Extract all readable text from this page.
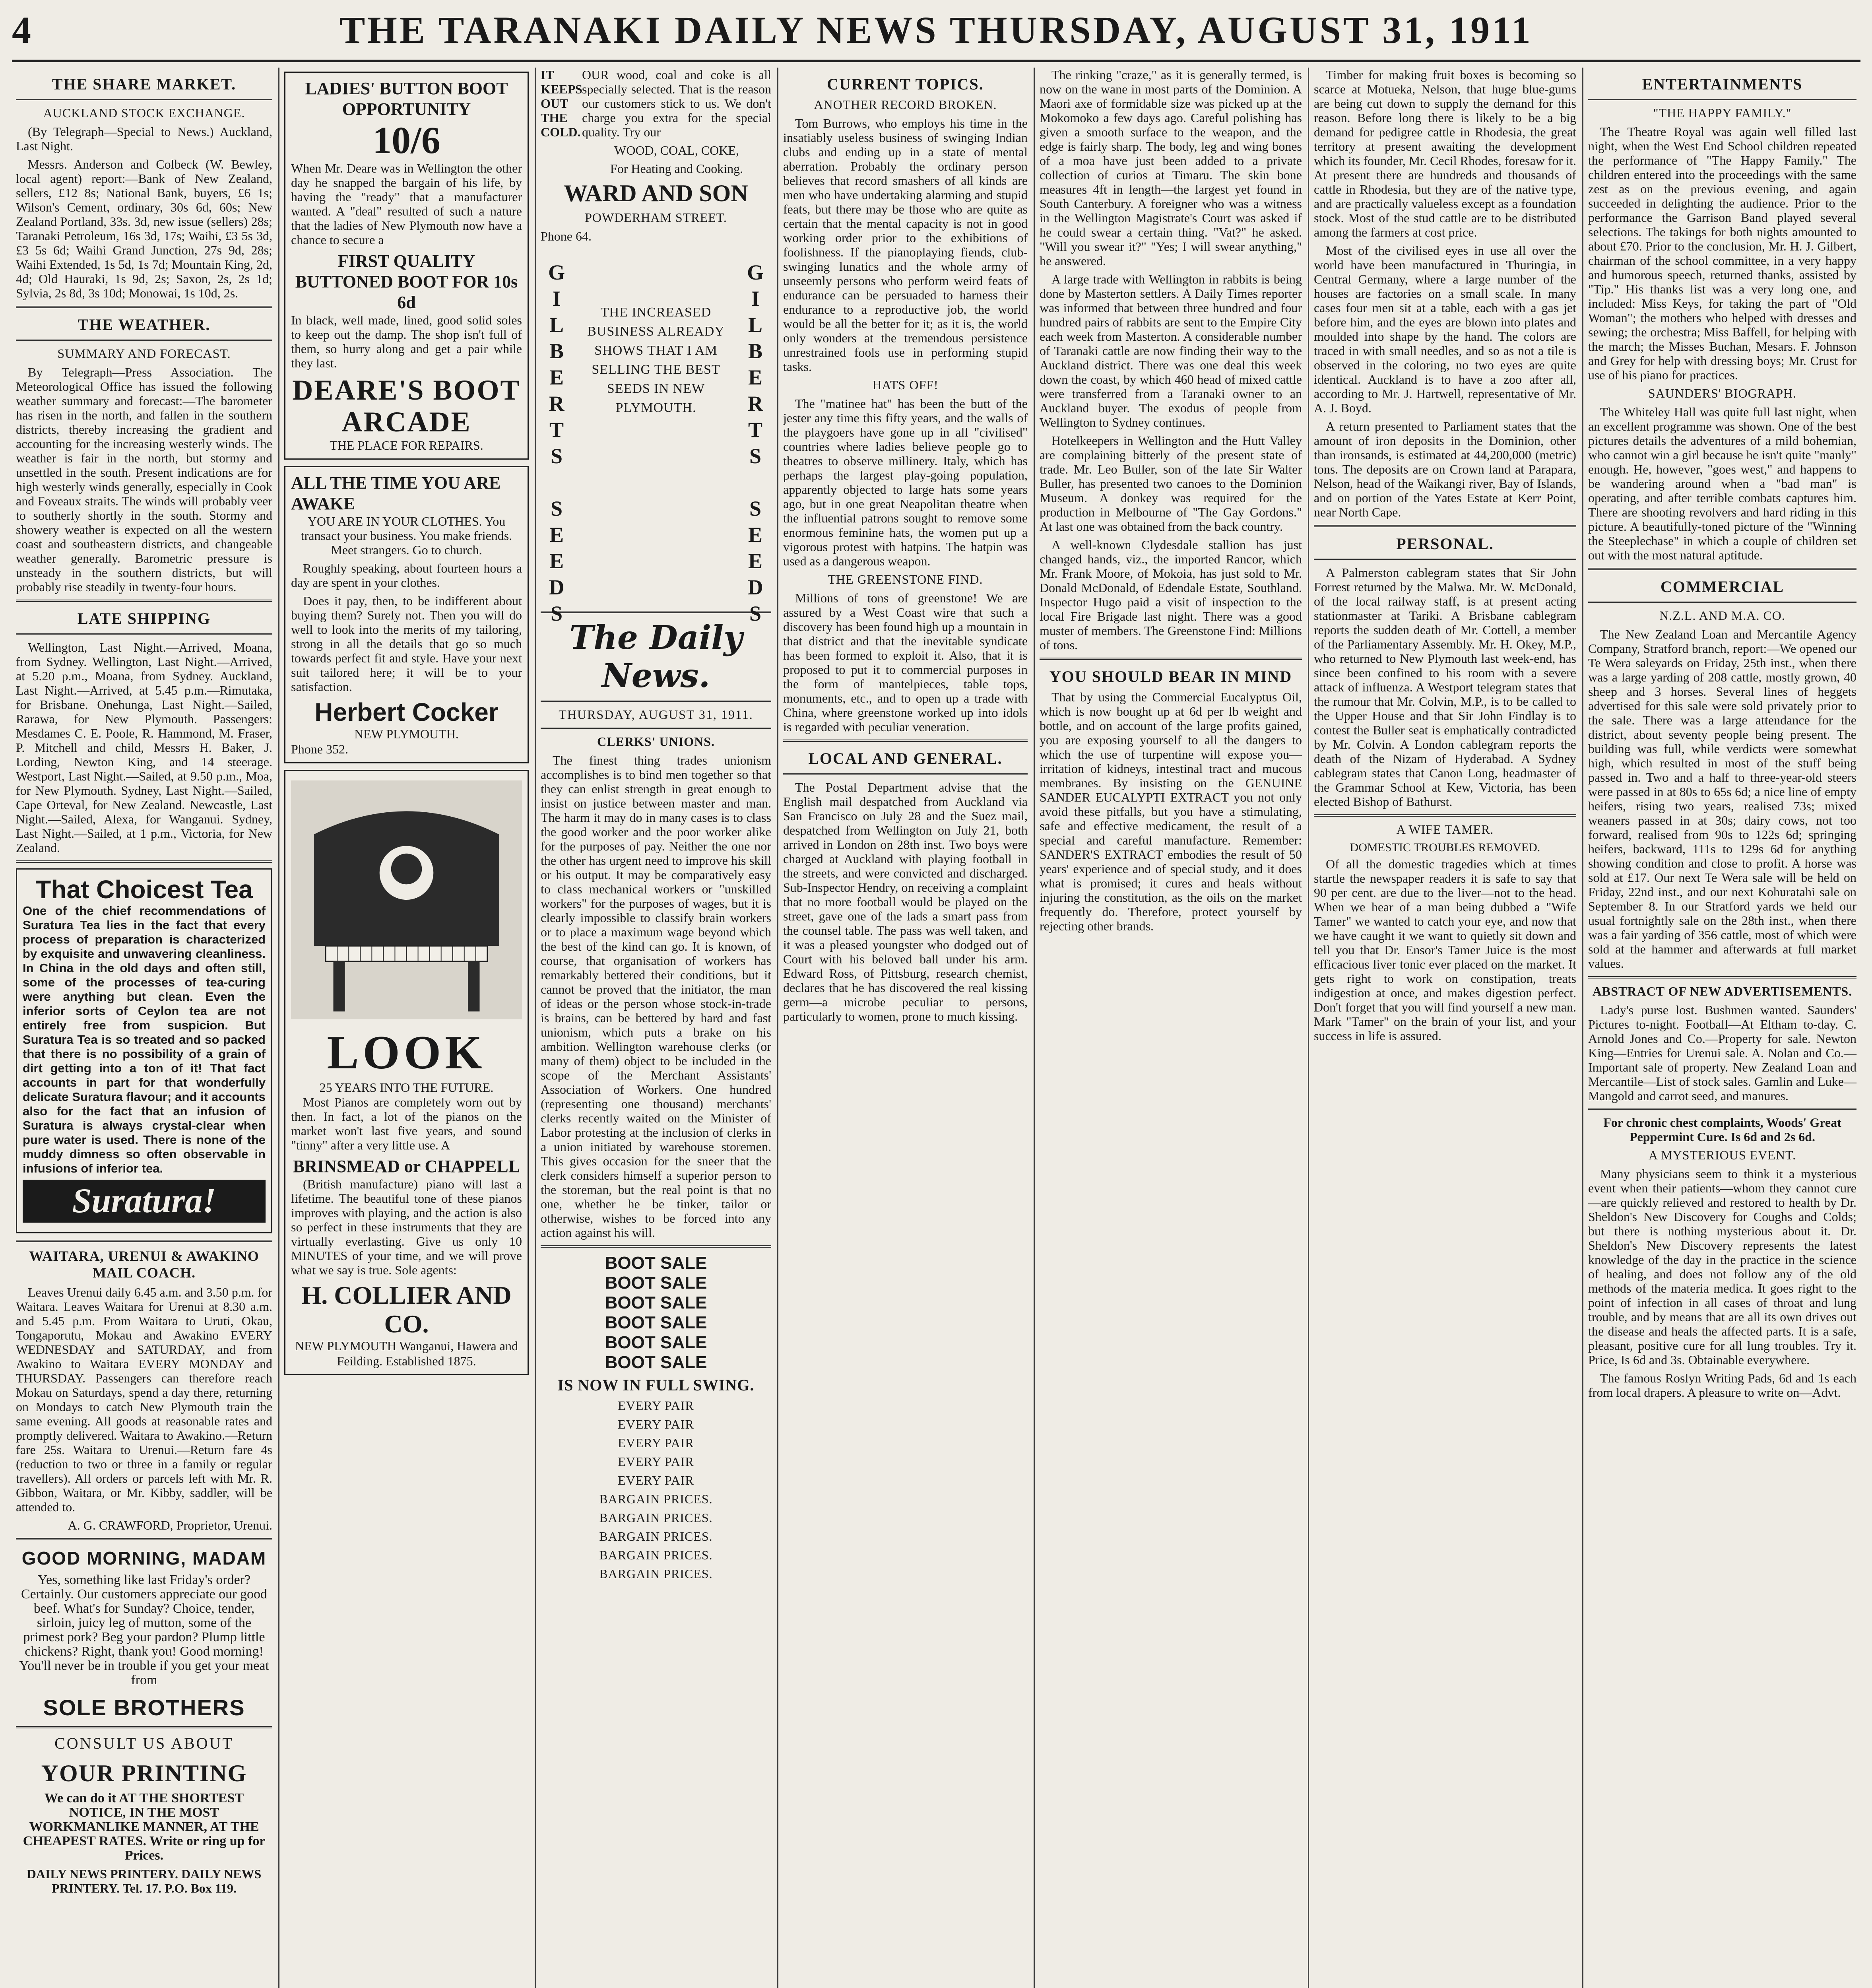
4	THE TARANAKI DAILY NEWS THURSDAY, AUGUST 31, 1911
THE SHARE MARKET.
AUCKLAND STOCK EXCHANGE.

(By Telegraph—Special to News.) Auckland, Last Night.

Messrs. Anderson and Colbeck (W. Bewley, local agent) report:—Bank of New Zealand, sellers, £12 8s; National Bank, buyers, £6 1s; Wilson's Cement, ordinary, 30s 6d, 60s; New Zealand Portland, 33s. 3d, new issue (sellers) 28s; Taranaki Petroleum, 16s 3d, 17s; Waihi, £3 5s 3d, £3 5s 6d; Waihi Grand Junction, 27s 9d, 28s; Waihi Extended, 1s 5d, 1s 7d; Mountain King, 2d, 4d; Old Hauraki, 1s 9d, 2s; Saxon, 2s, 2s 1d; Sylvia, 2s 8d, 3s 10d; Monowai, 1s 10d, 2s.

THE WEATHER.
SUMMARY AND FORECAST.

By Telegraph—Press Association. The Meteorological Office has issued the following weather summary and forecast:—The barometer has risen in the north, and fallen in the southern districts, thereby increasing the gradient and accounting for the increasing westerly winds. The weather is fair in the north, but stormy and unsettled in the south. Present indications are for high westerly winds generally, especially in Cook and Foveaux straits. The winds will probably veer to southerly shortly in the south. Stormy and showery weather is expected on all the western coast and southeastern districts, and changeable weather generally. Barometric pressure is unsteady in the southern districts, but will probably rise steadily in twenty-four hours.

LATE SHIPPING

Wellington, Last Night.—Arrived, Moana, from Sydney. Wellington, Last Night.—Arrived, at 5.20 p.m., Moana, from Sydney. Auckland, Last Night.—Arrived, at 5.45 p.m.—Rimutaka, for Brisbane. Onehunga, Last Night.—Sailed, Rarawa, for New Plymouth. Passengers: Mesdames C. E. Poole, R. Hammond, M. Fraser, P. Mitchell and child, Messrs H. Baker, J. Lording, Newton King, and 14 steerage. Westport, Last Night.—Sailed, at 9.50 p.m., Moa, for New Plymouth. Sydney, Last Night.—Sailed, Cape Orteval, for New Zealand. Newcastle, Last Night.—Sailed, Alexa, for Wanganui. Sydney, Last Night.—Sailed, at 1 p.m., Victoria, for New Zealand.

That Choicest Tea

One of the chief recommendations of Suratura Tea lies in the fact that every process of preparation is characterized by exquisite and unwavering cleanliness. In China in the old days and often still, some of the processes of tea-curing were anything but clean. Even the inferior sorts of Ceylon tea are not entirely free from suspicion. But Suratura Tea is so treated and so packed that there is no possibility of a grain of dirt getting into a ton of it! That fact accounts in part for that wonderfully delicate Suratura flavour; and it accounts also for the fact that an infusion of Suratura is always crystal-clear when pure water is used. There is none of the muddy dimness so often observable in infusions of inferior tea.

Suratura!
WAITARA, URENUI & AWAKINO MAIL COACH.

Leaves Urenui daily 6.45 a.m. and 3.50 p.m. for Waitara. Leaves Waitara for Urenui at 8.30 a.m. and 5.45 p.m. From Waitara to Uruti, Okau, Tongaporutu, Mokau and Awakino EVERY WEDNESDAY and SATURDAY, and from Awakino to Waitara EVERY MONDAY and THURSDAY. Passengers can therefore reach Mokau on Saturdays, spend a day there, returning on Mondays to catch New Plymouth train the same evening. All goods at reasonable rates and promptly delivered. Waitara to Awakino.—Return fare 25s. Waitara to Urenui.—Return fare 4s (reduction to two or three in a family or regular travellers). All orders or parcels left with Mr. R. Gibbon, Waitara, or Mr. Kibby, saddler, will be attended to.

A. G. CRAWFORD, Proprietor, Urenui.

GOOD MORNING, MADAM

Yes, something like last Friday's order? Certainly. Our customers appreciate our good beef. What's for Sunday? Choice, tender, sirloin, juicy leg of mutton, some of the primest pork? Beg your pardon? Plump little chickens? Right, thank you! Good morning! You'll never be in trouble if you get your meat from

SOLE BROTHERS
CONSULT US ABOUT
YOUR PRINTING

We can do it AT THE SHORTEST NOTICE, IN THE MOST WORKMANLIKE MANNER, AT THE CHEAPEST RATES. Write or ring up for Prices.

DAILY NEWS PRINTERY. DAILY NEWS PRINTERY. Tel. 17. P.O. Box 119.

LADIES' BUTTON BOOT OPPORTUNITY
10/6

When Mr. Deare was in Wellington the other day he snapped the bargain of his life, by having the "ready" that a manufacturer wanted. A "deal" resulted of such a nature that the ladies of New Plymouth now have a chance to secure a

FIRST QUALITY BUTTONED BOOT FOR 10s 6d

In black, well made, lined, good solid soles to keep out the damp. The shop isn't full of them, so hurry along and get a pair while they last.

DEARE'S BOOT ARCADE
THE PLACE FOR REPAIRS.
ALL THE TIME YOU ARE AWAKE

YOU ARE IN YOUR CLOTHES. You transact your business. You make friends. Meet strangers. Go to church.

Roughly speaking, about fourteen hours a day are spent in your clothes.

Does it pay, then, to be indifferent about buying them? Surely not. Then you will do well to look into the merits of my tailoring, strong in all the details that go so much towards perfect fit and style. Have your next suit tailored here; it will be to your satisfaction.

Herbert Cocker
NEW PLYMOUTH.
Phone 352.
LOOK
25 YEARS INTO THE FUTURE.

Most Pianos are completely worn out by then. In fact, a lot of the pianos on the market won't last five years, and sound "tinny" after a very little use. A

BRINSMEAD or CHAPPELL

(British manufacture) piano will last a lifetime. The beautiful tone of these pianos improves with playing, and the action is also so perfect in these instruments that they are virtually everlasting. Give us only 10 MINUTES of your time, and we will prove what we say is true. Sole agents:

H. COLLIER AND CO.
NEW PLYMOUTH Wanganui, Hawera and Feilding. Established 1875.
IT KEEPS OUT THE COLD.

OUR wood, coal and coke is all specially selected. That is the reason our customers stick to us. We don't charge you extra for the special quality. Try our

WOOD, COAL, COKE,

For Heating and Cooking.

WARD AND SON
POWDERHAM STREET.

Phone 64.

G
I
L
B
E
R
T
S

S
E
E
D
S
G
I
L
B
E
R
T
S

S
E
E
D
S
THE INCREASED BUSINESS ALREADY SHOWS THAT I AM SELLING THE BEST SEEDS IN NEW PLYMOUTH.
The Daily News.
THURSDAY, AUGUST 31, 1911.
CLERKS' UNIONS.

The finest thing trades unionism accomplishes is to bind men together so that they can enlist strength in great enough to insist on justice between master and man. The harm it may do in many cases is to class the good worker and the poor worker alike for the purposes of pay. Neither the one nor the other has urgent need to improve his skill or his output. It may be comparatively easy to class mechanical workers or "unskilled workers" for the purposes of wages, but it is clearly impossible to classify brain workers or to place a maximum wage beyond which the best of the kind can go. It is known, of course, that organisation of workers has remarkably bettered their conditions, but it cannot be proved that the initiator, the man of ideas or the person whose stock-in-trade is brains, can be bettered by hard and fast unionism, which puts a brake on his ambition. Wellington warehouse clerks (or many of them) object to be included in the scope of the Merchant Assistants' Association of Workers. One hundred (representing one thousand) merchants' clerks recently waited on the Minister of Labor protesting at the inclusion of clerks in a union initiated by warehouse storemen. This gives occasion for the sneer that the clerk considers himself a superior person to the storeman, but the real point is that no one, whether he be tinker, tailor or otherwise, wishes to be forced into any action against his will.

BOOT SALE
BOOT SALE
BOOT SALE
BOOT SALE
BOOT SALE
BOOT SALE
IS NOW IN FULL SWING.
EVERY PAIR
EVERY PAIR
EVERY PAIR
EVERY PAIR
EVERY PAIR
BARGAIN PRICES.
BARGAIN PRICES.
BARGAIN PRICES.
BARGAIN PRICES.
BARGAIN PRICES.
CURRENT TOPICS.
ANOTHER RECORD BROKEN.

Tom Burrows, who employs his time in the insatiably useless business of swinging Indian clubs and ending up in a state of mental aberration. Probably the ordinary person believes that record smashers of all kinds are men who have undertaking alarming and stupid feats, but there may be those who are quite as certain that the mental capacity is not in good working order prior to the exhibitions of foolishness. If the pianoplaying fiends, club-swinging lunatics and the whole army of unseemly persons who perform weird feats of endurance can be persuaded to harness their endurance to a reproductive job, the world would be all the better for it; as it is, the world only wonders at the tremendous persistence unrestrained fools use in performing stupid tasks.

HATS OFF!

The "matinee hat" has been the butt of the jester any time this fifty years, and the walls of the playgoers have gone up in all "civilised" countries where ladies believe people go to theatres to observe millinery. Italy, which has perhaps the largest play-going population, apparently objected to large hats some years ago, but in one great Neapolitan theatre when the influential patrons sought to remove some enormous feminine hats, the women put up a vigorous protest with hatpins. The hatpin was used as a dangerous weapon.

THE GREENSTONE FIND.

Millions of tons of greenstone! We are assured by a West Coast wire that such a discovery has been found high up a mountain in that district and that the inevitable syndicate has been formed to exploit it. Also, that it is proposed to put it to commercial purposes in the form of mantelpieces, table tops, monuments, etc., and to open up a trade with China, where greenstone worked up into idols is regarded with peculiar veneration.

LOCAL AND GENERAL.

The Postal Department advise that the English mail despatched from Auckland via San Francisco on July 28 and the Suez mail, despatched from Wellington on July 21, both arrived in London on 28th inst. Two boys were charged at Auckland with playing football in the streets, and were convicted and discharged. Sub-Inspector Hendry, on receiving a complaint that no more football would be played on the street, gave one of the lads a smart pass from the counsel table. The pass was well taken, and it was a pleased youngster who dodged out of Court with his beloved ball under his arm. Edward Ross, of Pittsburg, research chemist, declares that he has discovered the real kissing germ—a microbe peculiar to persons, particularly to women, prone to much kissing.

The rinking "craze," as it is generally termed, is now on the wane in most parts of the Dominion. A Maori axe of formidable size was picked up at the Mokomoko a few days ago. Careful polishing has given a smooth surface to the weapon, and the edge is fairly sharp. The body, leg and wing bones of a moa have just been added to a private collection of curios at Timaru. The skin bone measures 4ft in length—the largest yet found in South Canterbury. A foreigner who was a witness in the Wellington Magistrate's Court was asked if he could swear a certain thing. "Vat?" he asked. "Will you swear it?" "Yes; I will swear anything," he answered.

A large trade with Wellington in rabbits is being done by Masterton settlers. A Daily Times reporter was informed that between three hundred and four hundred pairs of rabbits are sent to the Empire City each week from Masterton. A considerable number of Taranaki cattle are now finding their way to the Auckland district. There was one deal this week down the coast, by which 460 head of mixed cattle were transferred from a Taranaki owner to an Auckland buyer. The exodus of people from Wellington to Sydney continues.

Hotelkeepers in Wellington and the Hutt Valley are complaining bitterly of the present state of trade. Mr. Leo Buller, son of the late Sir Walter Buller, has presented two canoes to the Dominion Museum. A donkey was required for the production in Melbourne of "The Gay Gordons." At last one was obtained from the back country.

A well-known Clydesdale stallion has just changed hands, viz., the imported Rancor, which Mr. Frank Moore, of Mokoia, has just sold to Mr. Donald McDonald, of Edendale Estate, Southland. Inspector Hugo paid a visit of inspection to the local Fire Brigade last night. There was a good muster of members. The Greenstone Find: Millions of tons.

YOU SHOULD BEAR IN MIND

That by using the Commercial Eucalyptus Oil, which is now bought up at 6d per lb weight and bottle, and on account of the large profits gained, you are exposing yourself to all the dangers to which the use of turpentine will expose you—irritation of kidneys, intestinal tract and mucous membranes. By insisting on the GENUINE SANDER EUCALYPTI EXTRACT you not only avoid these pitfalls, but you have a stimulating, safe and effective medicament, the result of a special and careful manufacture. Remember: SANDER'S EXTRACT embodies the result of 50 years' experience and of special study, and it does what is promised; it cures and heals without injuring the constitution, as the oils on the market frequently do. Therefore, protect yourself by rejecting other brands.

Timber for making fruit boxes is becoming so scarce at Motueka, Nelson, that huge blue-gums are being cut down to supply the demand for this reason. Before long there is likely to be a big demand for pedigree cattle in Rhodesia, the great territory at present awaiting the development which its founder, Mr. Cecil Rhodes, foresaw for it. At present there are hundreds and thousands of cattle in Rhodesia, but they are of the native type, and are practically valueless except as a foundation stock. Most of the stud cattle are to be distributed among the farmers at cost price.

Most of the civilised eyes in use all over the world have been manufactured in Thuringia, in Central Germany, where a large number of the houses are factories on a small scale. In many cases four men sit at a table, each with a gas jet before him, and the eyes are blown into plates and moulded into shape by the hand. The colors are traced in with small needles, and so as not a tile is observed in the coloring, no two eyes are quite identical. Auckland is to have a zoo after all, according to Mr. J. Hartwell, representative of Mr. A. J. Boyd.

A return presented to Parliament states that the amount of iron deposits in the Dominion, other than ironsands, is estimated at 44,200,000 (metric) tons. The deposits are on Crown land at Parapara, Nelson, head of the Waikangi river, Bay of Islands, and on portion of the Yates Estate at Kerr Point, near North Cape.

PERSONAL.

A Palmerston cablegram states that Sir John Forrest returned by the Malwa. Mr. W. McDonald, of the local railway staff, is at present acting stationmaster at Tariki. A Brisbane cablegram reports the sudden death of Mr. Cottell, a member of the Parliamentary Assembly. Mr. H. Okey, M.P., who returned to New Plymouth last week-end, has since been confined to his room with a severe attack of influenza. A Westport telegram states that the rumour that Mr. Colvin, M.P., is to be called to the Upper House and that Sir John Findlay is to contest the Buller seat is emphatically contradicted by Mr. Colvin. A London cablegram reports the death of the Nizam of Hyderabad. A Sydney cablegram states that Canon Long, headmaster of the Grammar School at Kew, Victoria, has been elected Bishop of Bathurst.

A WIFE TAMER.
DOMESTIC TROUBLES REMOVED.

Of all the domestic tragedies which at times startle the newspaper readers it is safe to say that 90 per cent. are due to the liver—not to the head. When we hear of a man being dubbed a "Wife Tamer" we wanted to catch your eye, and now that we have caught it we want to quietly sit down and tell you that Dr. Ensor's Tamer Juice is the most efficacious liver tonic ever placed on the market. It gets right to work on constipation, treats indigestion at once, and makes digestion perfect. Don't forget that you will find yourself a new man. Mark "Tamer" on the brain of your list, and your success in life is assured.

ENTERTAINMENTS
"THE HAPPY FAMILY."

The Theatre Royal was again well filled last night, when the West End School children repeated the performance of "The Happy Family." The children entered into the proceedings with the same zest as on the previous evening, and again succeeded in delighting the audience. Prior to the performance the Garrison Band played several selections. The takings for both nights amounted to about £70. Prior to the conclusion, Mr. H. J. Gilbert, chairman of the school committee, in a very happy and humorous speech, returned thanks, assisted by "Tip." His thanks list was a very long one, and included: Miss Keys, for taking the part of "Old Woman"; the mothers who helped with dresses and sewing; the orchestra; Miss Baffell, for helping with the march; the Misses Buchan, Mesars. F. Johnson and Grey for help with dressing boys; Mr. Crust for use of his piano for practices.

SAUNDERS' BIOGRAPH.

The Whiteley Hall was quite full last night, when an excellent programme was shown. One of the best pictures details the adventures of a mild bohemian, who cannot win a girl because he isn't quite "manly" enough. He, however, "goes west," and happens to be wandering around when a "bad man" is operating, and after terrible combats captures him. There are shooting revolvers and hard riding in this picture. A beautifully-toned picture of the "Winning the Steeplechase" in which a couple of children set out with the most natural aptitude.

COMMERCIAL
N.Z.L. AND M.A. CO.

The New Zealand Loan and Mercantile Agency Company, Stratford branch, report:—We opened our Te Wera saleyards on Friday, 25th inst., when there was a large yarding of 208 cattle, mostly grown, 40 sheep and 3 horses. Several lines of heggets advertised for this sale were sold privately prior to the sale. There was a large attendance for the district, about seventy people being present. The building was full, while verdicts were somewhat high, which resulted in most of the stuff being passed in. Two and a half to three-year-old steers were passed in at 80s to 65s 6d; a nice line of empty heifers, rising two years, realised 73s; mixed weaners passed in at 30s; dairy cows, not too forward, realised from 90s to 122s 6d; springing heifers, backward, 111s to 129s 6d for anything showing condition and close to profit. A horse was sold at £17. Our next Te Wera sale will be held on Friday, 22nd inst., and our next Kohuratahi sale on September 8. In our Stratford yards we held our usual fortnightly sale on the 28th inst., when there was a fair yarding of 356 cattle, most of which were sold at the hammer and afterwards at full market values.

ABSTRACT OF NEW ADVERTISEMENTS.

Lady's purse lost. Bushmen wanted. Saunders' Pictures to-night. Football—At Eltham to-day. C. Arnold Jones and Co.—Property for sale. Newton King—Entries for Urenui sale. A. Nolan and Co.—Important sale of property. New Zealand Loan and Mercantile—List of stock sales. Gamlin and Luke—Mangold and carrot seed, and manures.

For chronic chest complaints, Woods' Great Peppermint Cure. Is 6d and 2s 6d.

A MYSTERIOUS EVENT.

Many physicians seem to think it a mysterious event when their patients—whom they cannot cure—are quickly relieved and restored to health by Dr. Sheldon's New Discovery for Coughs and Colds; but there is nothing mysterious about it. Dr. Sheldon's New Discovery represents the latest knowledge of the day in the practice in the science of healing, and does not follow any of the old methods of the materia medica. It goes right to the point of infection in all cases of throat and lung trouble, and by means that are all its own drives out the disease and heals the affected parts. It is a safe, pleasant, positive cure for all lung troubles. Try it. Price, Is 6d and 3s. Obtainable everywhere.

The famous Roslyn Writing Pads, 6d and 1s each from local drapers. A pleasure to write on—Advt.
